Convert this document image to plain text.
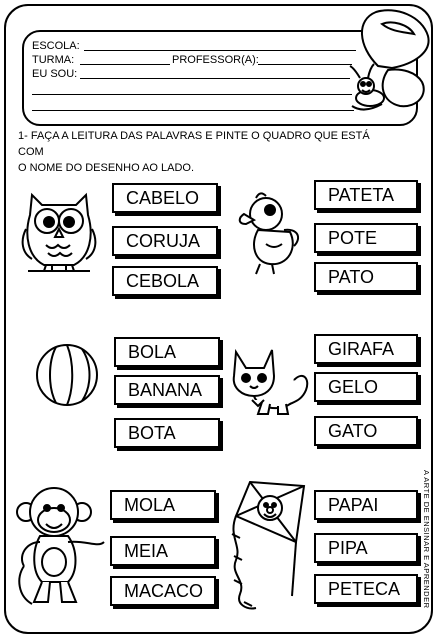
ESCOLA:
TURMA:	PROFESSOR(A):
EU SOU:
1- FAÇA A LEITURA DAS PALAVRAS E PINTE O QUADRO QUE ESTÁ COM
O NOME DO DESENHO AO LADO.
CABELO
CORUJA
CEBOLA
PATETA
POTE
PATO
BOLA
BANANA
BOTA
GIRAFA
GELO
GATO
MOLA
MEIA
MACACO
PAPAI
PIPA
PETECA	A ARTE DE ENSINAR E APRENDER
